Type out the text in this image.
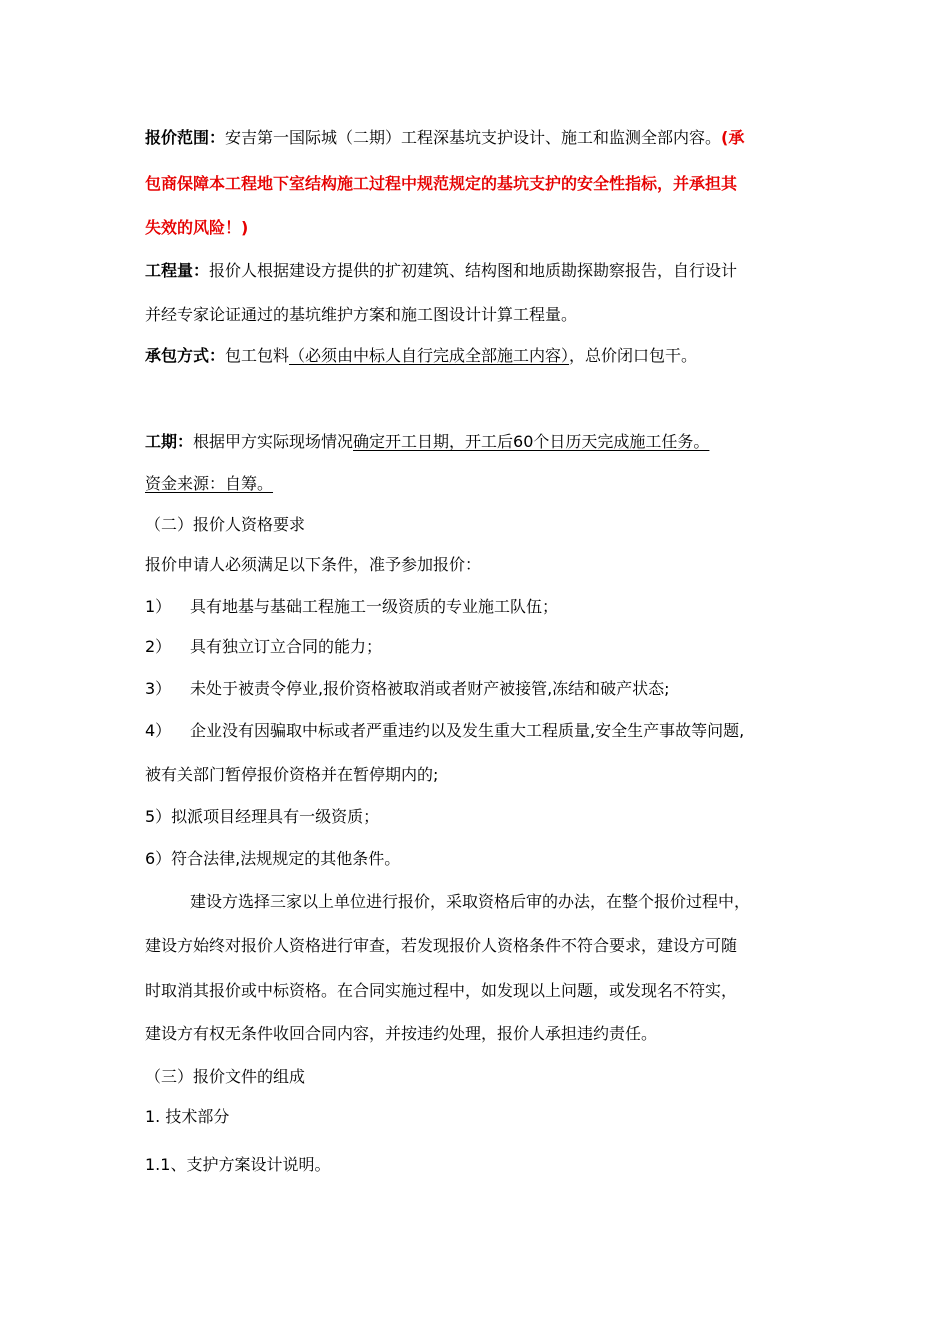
报价范围：安吉第一国际城（二期）工程深基坑支护设计、施工和监测全部内容。(承
包商保障本工程地下室结构施工过程中规范规定的基坑支护的安全性指标，并承担其
失效的风险！)
工程量：报价人根据建设方提供的扩初建筑、结构图和地质勘探勘察报告，自行设计
并经专家论证通过的基坑维护方案和施工图设计计算工程量。
承包方式：包工包料（必须由中标人自行完成全部施工内容），总价闭口包干。
工期：根据甲方实际现场情况确定开工日期，开工后60个日历天完成施工任务。
资金来源：自筹。
（二）报价人资格要求
报价申请人必须满足以下条件，准予参加报价：
1） 具有地基与基础工程施工一级资质的专业施工队伍；
2） 具有独立订立合同的能力；
3） 未处于被责令停业,报价资格被取消或者财产被接管,冻结和破产状态;
4） 企业没有因骗取中标或者严重违约以及发生重大工程质量,安全生产事故等问题,
被有关部门暂停报价资格并在暂停期内的;
5）拟派项目经理具有一级资质；
6）符合法律,法规规定的其他条件。
建设方选择三家以上单位进行报价，采取资格后审的办法，在整个报价过程中，
建设方始终对报价人资格进行审查，若发现报价人资格条件不符合要求，建设方可随
时取消其报价或中标资格。在合同实施过程中，如发现以上问题，或发现名不符实，
建设方有权无条件收回合同内容，并按违约处理，报价人承担违约责任。
（三）报价文件的组成
1. 技术部分
1.1、支护方案设计说明。
